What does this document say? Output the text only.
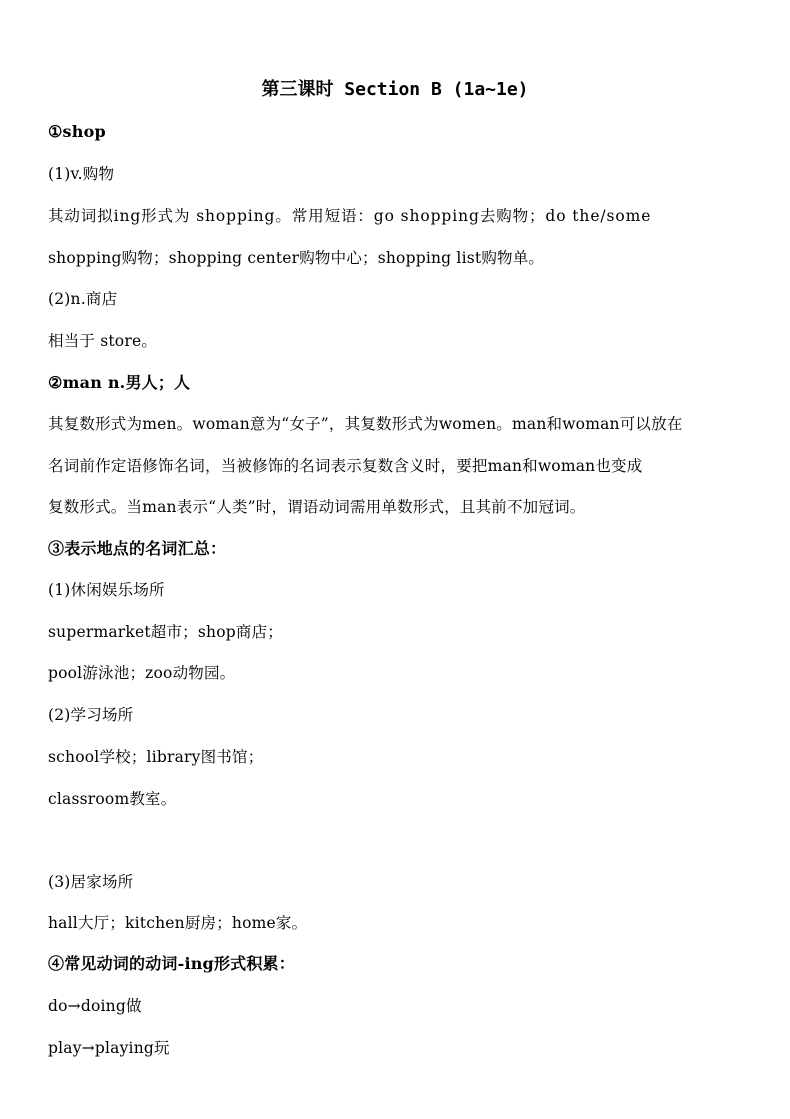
第三课时 Section B (1a~1e)
①shop
(1)v.购物
其动词拟ing形式为 shopping。常用短语：go shopping去购物；do the/some
shopping购物；shopping center购物中心；shopping list购物单。
(2)n.商店
相当于 store。
②man n.男人；人
其复数形式为men。woman意为“女子”，其复数形式为women。man和woman可以放在
名词前作定语修饰名词，当被修饰的名词表示复数含义时，要把man和woman也变成
复数形式。当man表示“人类”时，谓语动词需用单数形式，且其前不加冠词。
③表示地点的名词汇总：
(1)休闲娱乐场所
supermarket超市；shop商店；
pool游泳池；zoo动物园。
(2)学习场所
school学校；library图书馆；
classroom教室。
(3)居家场所
hall大厅；kitchen厨房；home家。
④常见动词的动词-ing形式积累：
do→doing做
play→playing玩
